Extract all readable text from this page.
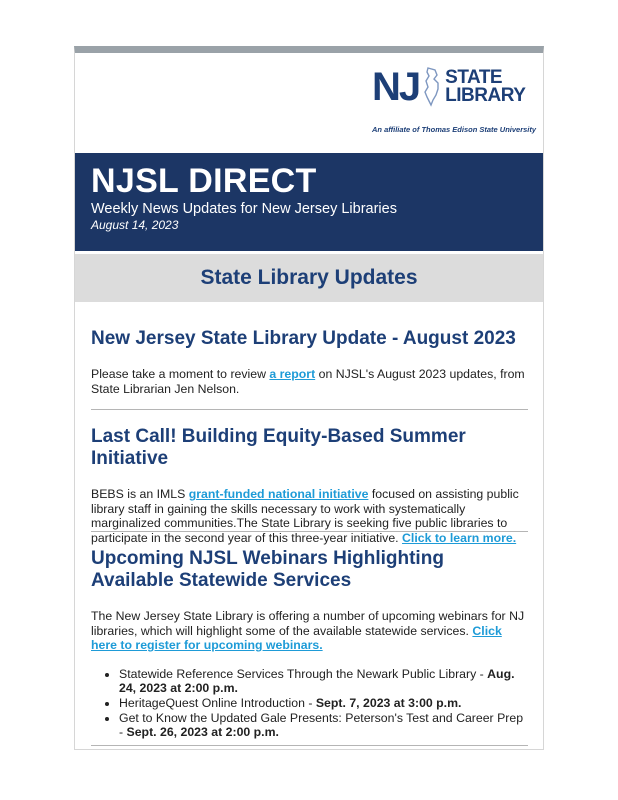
NJ STATE
LIBRARY
An affiliate of Thomas Edison State University
NJSL DIRECT
Weekly News Updates for New Jersey Libraries
August 14, 2023
State Library Updates
New Jersey State Library Update - August 2023

Please take a moment to review a report on NJSL's August 2023 updates, from State Librarian Jen Nelson.

Last Call! Building Equity-Based Summer Initiative

BEBS is an IMLS grant-funded national initiative focused on assisting public library staff in gaining the skills necessary to work with systematically marginalized communities.The State Library is seeking five public libraries to participate in the second year of this three-year initiative. Click to learn more.

Upcoming NJSL Webinars Highlighting Available Statewide Services

The New Jersey State Library is offering a number of upcoming webinars for NJ libraries, which will highlight some of the available statewide services. Click here to register for upcoming webinars.

• Statewide Reference Services Through the Newark Public Library - Aug. 24, 2023 at 2:00 p.m.
• HeritageQuest Online Introduction - Sept. 7, 2023 at 3:00 p.m.
• Get to Know the Updated Gale Presents: Peterson's Test and Career Prep - Sept. 26, 2023 at 2:00 p.m.
